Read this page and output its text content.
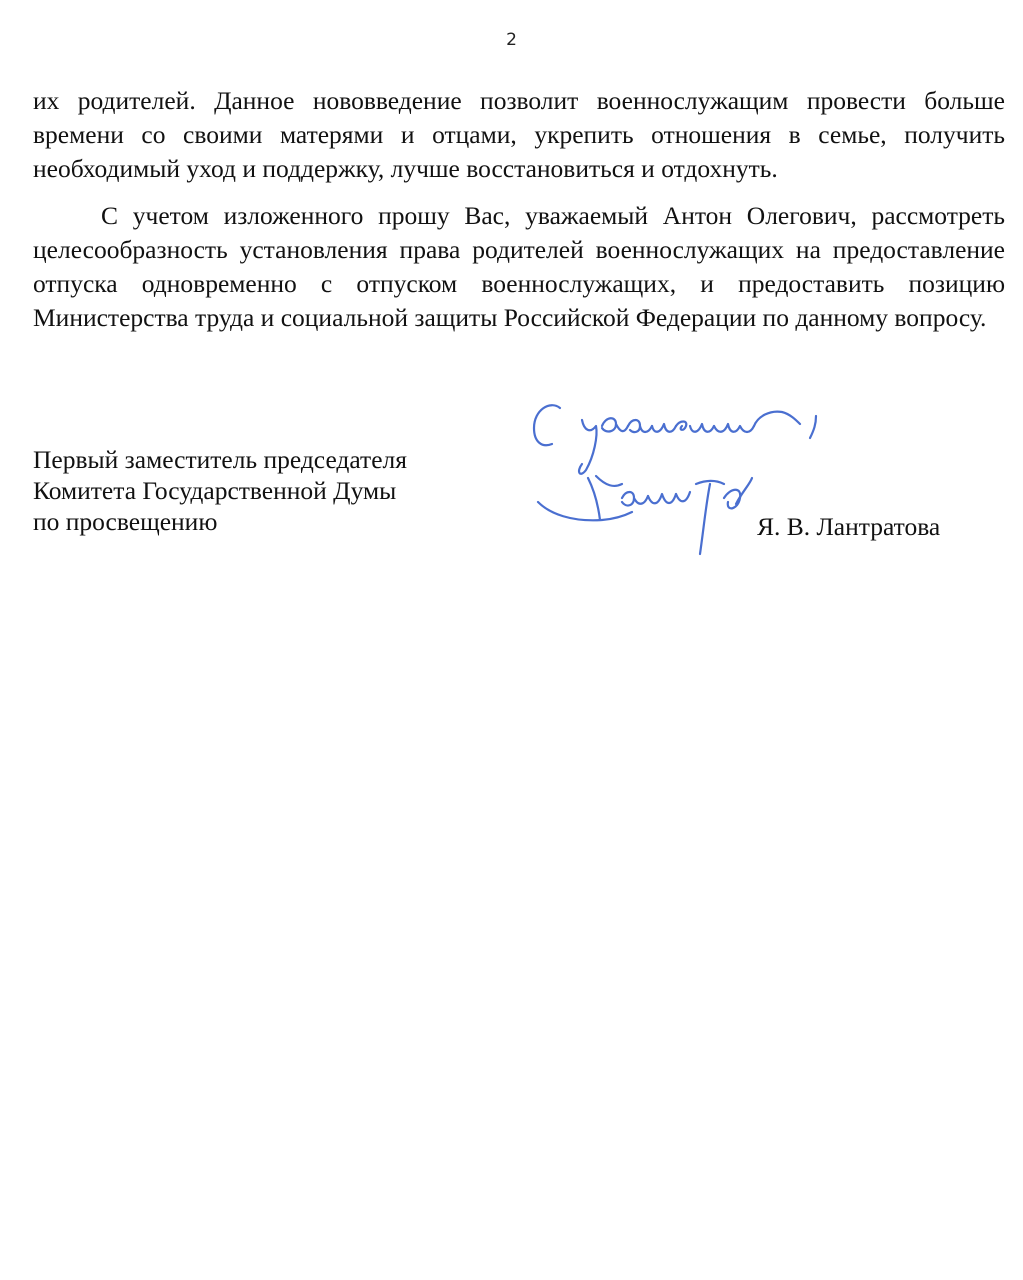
2

их родителей. Данное нововведение позволит военнослужащим провести больше времени со своими матерями и отцами, укрепить отношения в семье, получить необходимый уход и поддержку, лучше восстановиться и отдохнуть.

С учетом изложенного прошу Вас, уважаемый Антон Олегович, рассмотреть целесообразность установления права родителей военнослужащих на предоставление отпуска одновременно с отпуском военнослужащих, и предоставить позицию Министерства труда и социальной защиты Российской Федерации по данному вопросу.

Первый заместитель председателя
Комитета Государственной Думы
по просвещению	Я. В. Лантратова
